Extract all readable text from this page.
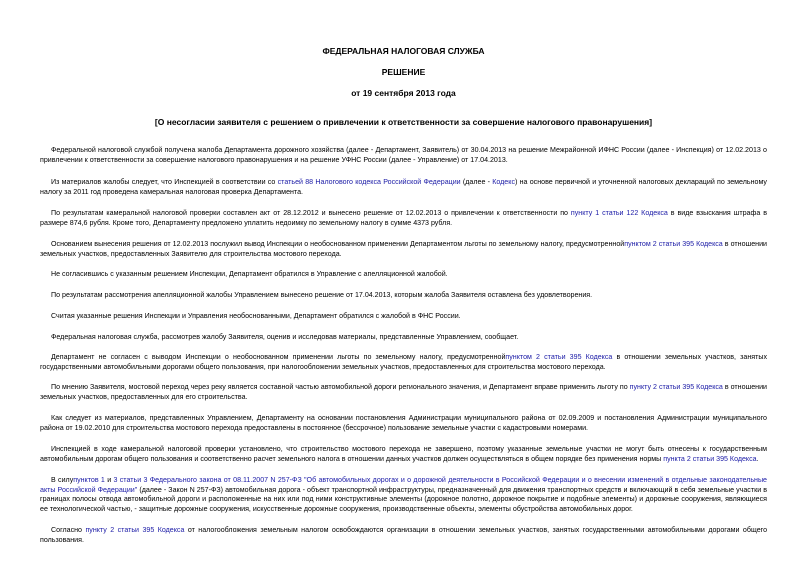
ФЕДЕРАЛЬНАЯ НАЛОГОВАЯ СЛУЖБА
РЕШЕНИЕ
от 19 сентября 2013 года
[О несогласии заявителя с решением о привлечении к ответственности за совершение налогового правонарушения]
Федеральной налоговой службой получена жалоба Департамента дорожного хозяйства (далее - Департамент, Заявитель) от 30.04.2013 на решение Межрайонной ИФНС России (далее - Инспекция) от 12.02.2013 о привлечении к ответственности за совершение налогового правонарушения и на решение УФНС России (далее - Управление) от 17.04.2013.
Из материалов жалобы следует, что Инспекцией в соответствии со статьей 88 Налогового кодекса Российской Федерации (далее - Кодекс) на основе первичной и уточненной налоговых деклараций по земельному налогу за 2011 год проведена камеральная налоговая проверка Департамента.
По результатам камеральной налоговой проверки составлен акт от 28.12.2012 и вынесено решение от 12.02.2013 о привлечении к ответственности по пункту 1 статьи 122 Кодекса в виде взыскания штрафа в размере 874,6 рубля. Кроме того, Департаменту предложено уплатить недоимку по земельному налогу в сумме 4373 рубля.
Основанием вынесения решения от 12.02.2013 послужил вывод Инспекции о необоснованном применении Департаментом льготы по земельному налогу, предусмотреннойпунктом 2 статьи 395 Кодекса в отношении земельных участков, предоставленных Заявителю для строительства мостового перехода.
Не согласившись с указанным решением Инспекции, Департамент обратился в Управление с апелляционной жалобой.
По результатам рассмотрения апелляционной жалобы Управлением вынесено решение от 17.04.2013, которым жалоба Заявителя оставлена без удовлетворения.
Считая указанные решения Инспекции и Управления необоснованными, Департамент обратился с жалобой в ФНС России.
Федеральная налоговая служба, рассмотрев жалобу Заявителя, оценив и исследовав материалы, представленные Управлением, сообщает.
Департамент не согласен с выводом Инспекции о необоснованном применении льготы по земельному налогу, предусмотреннойпунктом 2 статьи 395 Кодекса в отношении земельных участков, занятых государственными автомобильными дорогами общего пользования, при налогообложении земельных участков, предоставленных для строительства мостового перехода.
По мнению Заявителя, мостовой переход через реку является составной частью автомобильной дороги регионального значения, и Департамент вправе применить льготу по пункту 2 статьи 395 Кодекса в отношении земельных участков, предоставленных для его строительства.
Как следует из материалов, представленных Управлением, Департаменту на основании постановления Администрации муниципального района от 02.09.2009 и постановления Администрации муниципального района от 19.02.2010 для строительства мостового перехода предоставлены в постоянное (бессрочное) пользование земельные участки с кадастровыми номерами.
Инспекцией в ходе камеральной налоговой проверки установлено, что строительство мостового перехода не завершено, поэтому указанные земельные участки не могут быть отнесены к государственным автомобильным дорогам общего пользования и соответственно расчет земельного налога в отношении данных участков должен осуществляться в общем порядке без применения нормы пункта 2 статьи 395 Кодекса.
В силупунктов 1 и 3 статьи 3 Федерального закона от 08.11.2007 N 257-ФЗ "Об автомобильных дорогах и о дорожной деятельности в Российской Федерации и о внесении изменений в отдельные законодательные акты Российской Федерации" (далее - Закон N 257-ФЗ) автомобильная дорога - объект транспортной инфраструктуры, предназначенный для движения транспортных средств и включающий в себя земельные участки в границах полосы отвода автомобильной дороги и расположенные на них или под ними конструктивные элементы (дорожное полотно, дорожное покрытие и подобные элементы) и дорожные сооружения, являющиеся ее технологической частью, - защитные дорожные сооружения, искусственные дорожные сооружения, производственные объекты, элементы обустройства автомобильных дорог.
Согласно пункту 2 статьи 395 Кодекса от налогообложения земельным налогом освобождаются организации в отношении земельных участков, занятых государственными автомобильными дорогами общего пользования.
